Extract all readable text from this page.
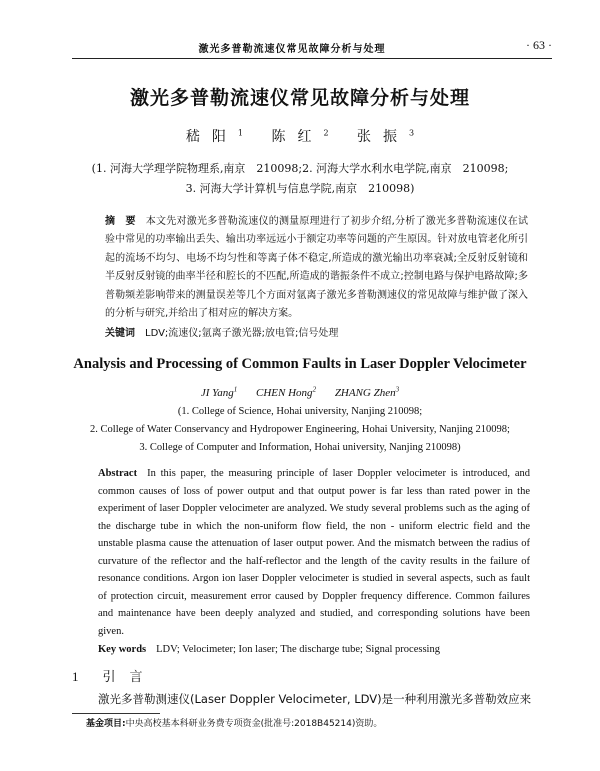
激光多普勒流速仪常见故障分析与处理	· 63 ·
激光多普勒流速仪常见故障分析与处理
嵇阳$^1$ 陈红$^2$ 张振$^3$
(1. 河海大学理学院物理系,南京　210098;2. 河海大学水利水电学院,南京　210098;
3. 河海大学计算机与信息学院,南京　210098)
摘　要 本文先对激光多普勒流速仪的测量原理进行了初步介绍,分析了激光多普勒流速仪在试验中常见的功率输出丢失、输出功率远远小于额定功率等问题的产生原因。针对放电管老化所引起的流场不均匀、电场不均匀性和等离子体不稳定,所造成的激光输出功率衰减;全反射反射镜和半反射反射镜的曲率半径和腔长的不匹配,所造成的谐振条件不成立;控制电路与保护电路故障;多普勒频差影响带来的测量误差等几个方面对氩离子激光多普勒测速仪的常见故障与维护做了深入的分析与研究,并给出了相对应的解决方案。
关键词 LDV;流速仪;氩离子激光器;放电管;信号处理
Analysis and Processing of Common Faults in Laser Doppler Velocimeter
JI Yang$^1$ CHEN Hong$^2$ ZHANG Zhen$^3$
(1. College of Science, Hohai university, Nanjing 210098;
2. College of Water Conservancy and Hydropower Engineering, Hohai University, Nanjing 210098;
3. College of Computer and Information, Hohai university, Nanjing 210098)
Abstract In this paper, the measuring principle of laser Doppler velocimeter is introduced, and common causes of loss of power output and that output power is far less than rated power in the experiment of laser Doppler velocimeter are analyzed. We study several problems such as the aging of the discharge tube in which the non-uniform flow field, the non - uniform electric field and the unstable plasma cause the attenuation of laser output power. And the mismatch between the radius of curvature of the reflector and the half-reflector and the length of the cavity results in the failure of resonance conditions. Argon ion laser Doppler velocimeter is studied in several aspects, such as fault of protection circuit, measurement error caused by Doppler frequency difference. Common failures and maintenance have been deeply analyzed and studied, and corresponding solutions have been given.
Key words LDV; Velocimeter; Ion laser; The discharge tube; Signal processing
1 引言
激光多普勒测速仪(Laser Doppler Velocimeter, LDV)是一种利用激光多普勒效应来
基金项目:中央高校基本科研业务费专项资金(批准号:2018B45214)资助。
